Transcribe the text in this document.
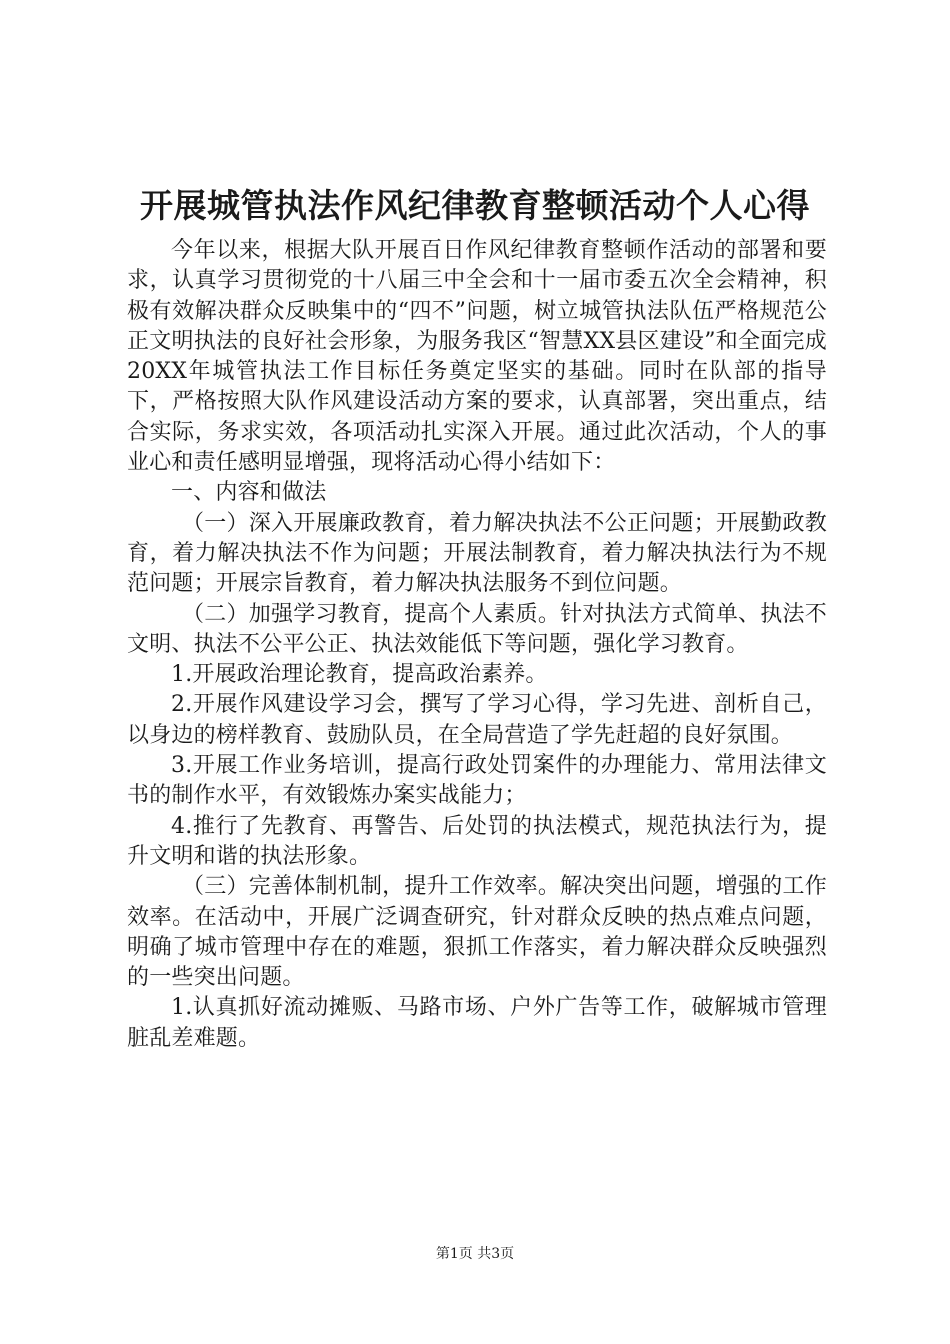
开展城管执法作风纪律教育整顿活动个人心得

今年以来，根据大队开展百日作风纪律教育整顿作活动的部署和要求，认真学习贯彻党的十八届三中全会和十一届市委五次全会精神，积极有效解决群众反映集中的“四不”问题，树立城管执法队伍严格规范公正文明执法的良好社会形象，为服务我区“智慧XX县区建设”和全面完成20XX年城管执法工作目标任务奠定坚实的基础。同时在队部的指导下，严格按照大队作风建设活动方案的要求，认真部署，突出重点，结合实际，务求实效，各项活动扎实深入开展。通过此次活动，个人的事业心和责任感明显增强，现将活动心得小结如下：

一、内容和做法

（一）深入开展廉政教育，着力解决执法不公正问题；开展勤政教育，着力解决执法不作为问题；开展法制教育，着力解决执法行为不规范问题；开展宗旨教育，着力解决执法服务不到位问题。

（二）加强学习教育，提高个人素质。针对执法方式简单、执法不文明、执法不公平公正、执法效能低下等问题，强化学习教育。

1.开展政治理论教育，提高政治素养。

2.开展作风建设学习会，撰写了学习心得，学习先进、剖析自己，以身边的榜样教育、鼓励队员，在全局营造了学先赶超的良好氛围。

3.开展工作业务培训，提高行政处罚案件的办理能力、常用法律文书的制作水平，有效锻炼办案实战能力；

4.推行了先教育、再警告、后处罚的执法模式，规范执法行为，提升文明和谐的执法形象。

（三）完善体制机制，提升工作效率。解决突出问题，增强的工作效率。在活动中，开展广泛调查研究，针对群众反映的热点难点问题，明确了城市管理中存在的难题，狠抓工作落实，着力解决群众反映强烈的一些突出问题。

1.认真抓好流动摊贩、马路市场、户外广告等工作，破解城市管理脏乱差难题。

第1页 共3页
